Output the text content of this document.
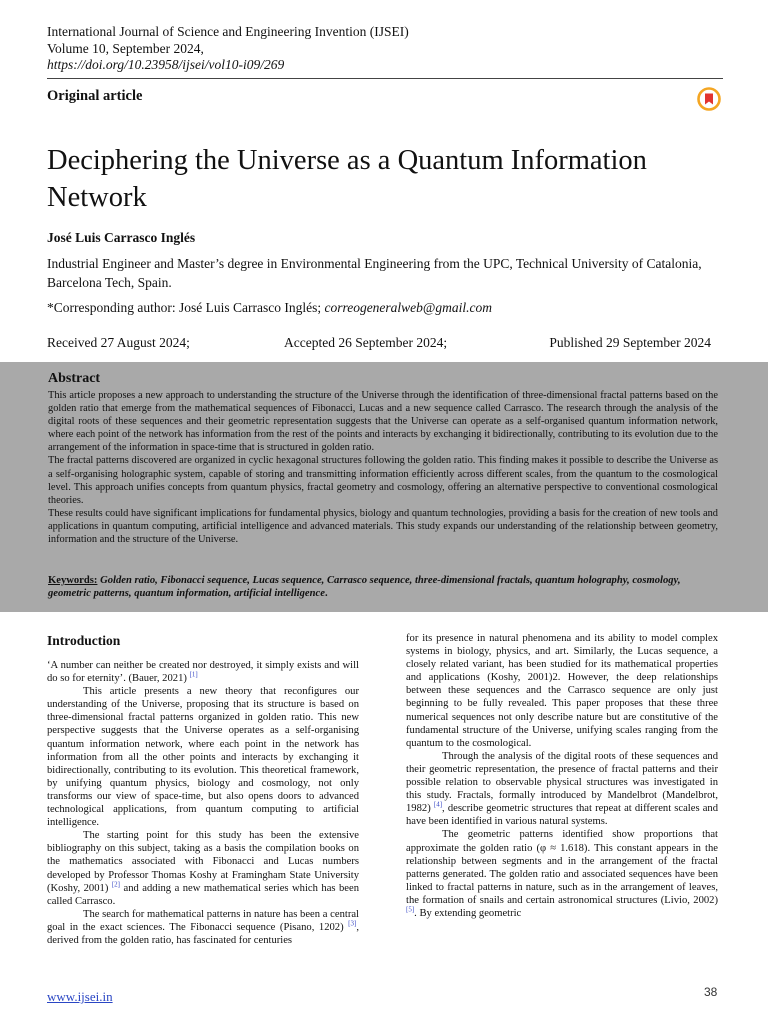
International Journal of Science and Engineering Invention (IJSEI)
Volume 10, September 2024,
https://doi.org/10.23958/ijsei/vol10-i09/269
Original article
Deciphering the Universe as a Quantum Information Network
José Luis Carrasco Inglés
Industrial Engineer and Master’s degree in Environmental Engineering from the UPC, Technical University of Catalonia, Barcelona Tech, Spain.
*Corresponding author: José Luis Carrasco Inglés; correogeneralweb@gmail.com
Received 27 August 2024;	Accepted 26 September 2024;	Published 29 September 2024
Abstract

This article proposes a new approach to understanding the structure of the Universe through the identification of three-dimensional fractal patterns based on the golden ratio that emerge from the mathematical sequences of Fibonacci, Lucas and a new sequence called Carrasco. The research through the analysis of the digital roots of these sequences and their geometric representation suggests that the Universe can operate as a self-organised quantum information network, where each point of the network has information from the rest of the points and interacts by exchanging it bidirectionally, contributing to its evolution due to the arrangement of the information in space-time that is structured in golden ratio.

The fractal patterns discovered are organized in cyclic hexagonal structures following the golden ratio. This finding makes it possible to describe the Universe as a self-organising holographic system, capable of storing and transmitting information efficiently across different scales, from the quantum to the cosmological level. This approach unifies concepts from quantum physics, fractal geometry and cosmology, offering an alternative perspective to conventional cosmological theories.

These results could have significant implications for fundamental physics, biology and quantum technologies, providing a basis for the creation of new tools and applications in quantum computing, artificial intelligence and advanced materials. This study expands our understanding of the relationship between geometry, information and the structure of the Universe.

Keywords: Golden ratio, Fibonacci sequence, Lucas sequence, Carrasco sequence, three-dimensional fractals, quantum holography, cosmology, geometric patterns, quantum information, artificial intelligence.

Introduction

‘A number can neither be created nor destroyed, it simply exists and will do so for eternity’. (Bauer, 2021) [1]

This article presents a new theory that reconfigures our understanding of the Universe, proposing that its structure is based on three-dimensional fractal patterns organized in golden ratio. This new perspective suggests that the Universe operates as a self-organising quantum information network, where each point in the network has information from all the other points and interacts by exchanging it bidirectionally, contributing to its evolution. This theoretical framework, by unifying quantum physics, biology and cosmology, not only transforms our view of space-time, but also opens doors to advanced technological applications, from quantum computing to artificial intelligence.

The starting point for this study has been the extensive bibliography on this subject, taking as a basis the compilation books on the mathematics associated with Fibonacci and Lucas numbers developed by Professor Thomas Koshy at Framingham State University (Koshy, 2001) [2] and adding a new mathematical series which has been called Carrasco.

The search for mathematical patterns in nature has been a central goal in the exact sciences. The Fibonacci sequence (Pisano, 1202) [3], derived from the golden ratio, has fascinated for centuries

for its presence in natural phenomena and its ability to model complex systems in biology, physics, and art. Similarly, the Lucas sequence, a closely related variant, has been studied for its mathematical properties and applications (Koshy, 2001)2. However, the deep relationships between these sequences and the Carrasco sequence are only just beginning to be fully revealed. This paper proposes that these three numerical sequences not only describe nature but are constitutive of the fundamental structure of the Universe, unifying scales ranging from the quantum to the cosmological.

Through the analysis of the digital roots of these sequences and their geometric representation, the presence of fractal patterns and their possible relation to observable physical structures was investigated in this study. Fractals, formally introduced by Mandelbrot (Mandelbrot, 1982) [4], describe geometric structures that repeat at different scales and have been identified in various natural systems.

The geometric patterns identified show proportions that approximate the golden ratio (φ ≈ 1.618). This constant appears in the relationship between segments and in the arrangement of the fractal patterns generated. The golden ratio and associated sequences have been linked to fractal patterns in nature, such as in the arrangement of leaves, the formation of snails and certain astronomical structures (Livio, 2002) [5]. By extending geometric

www.ijsei.in	38
